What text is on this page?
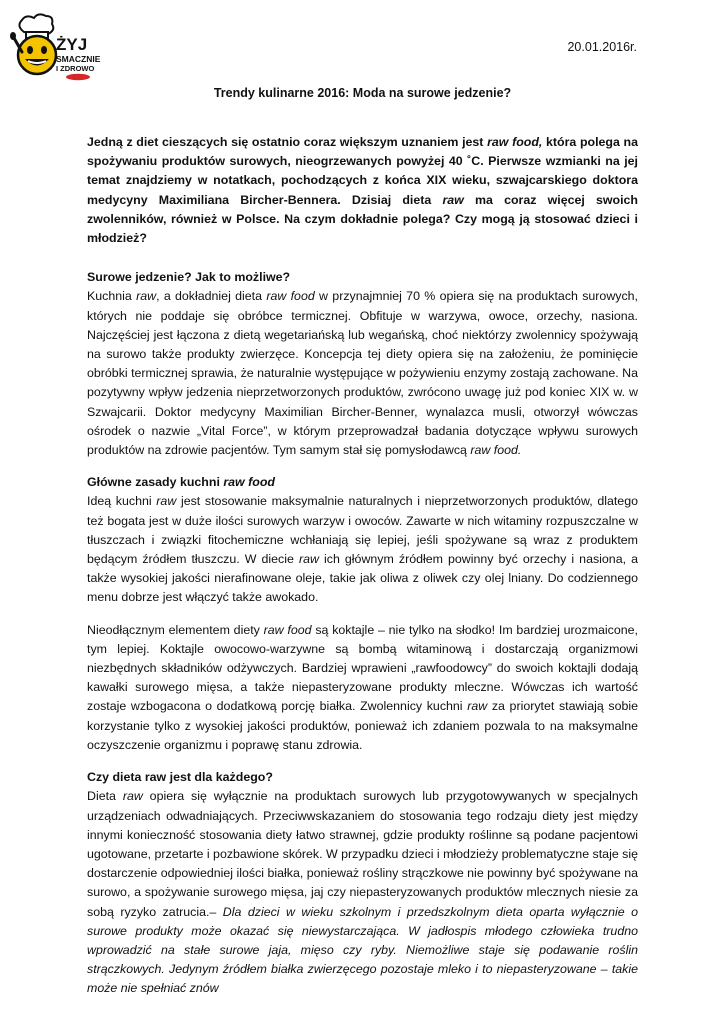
ŻYJ
SMACZNIE
I ZDROWO
20.01.2016r.
Trendy kulinarne 2016: Moda na surowe jedzenie?

Jedną z diet cieszących się ostatnio coraz większym uznaniem jest raw food, która polega na spożywaniu produktów surowych, nieogrzewanych powyżej 40 ˚C. Pierwsze wzmianki na jej temat znajdziemy w notatkach, pochodzących z końca XIX wieku, szwajcarskiego doktora medycyny Maximiliana Bircher-Bennera. Dzisiaj dieta raw ma coraz więcej swoich zwolenników, również w Polsce. Na czym dokładnie polega? Czy mogą ją stosować dzieci i młodzież?

Surowe jedzenie? Jak to możliwe?

Kuchnia raw, a dokładniej dieta raw food w przynajmniej 70 % opiera się na produktach surowych, których nie poddaje się obróbce termicznej. Obfituje w warzywa, owoce, orzechy, nasiona. Najczęściej jest łączona z dietą wegetariańską lub wegańską, choć niektórzy zwolennicy spożywają na surowo także produkty zwierzęce. Koncepcja tej diety opiera się na założeniu, że pominięcie obróbki termicznej sprawia, że naturalnie występujące w pożywieniu enzymy zostają zachowane. Na pozytywny wpływ jedzenia nieprzetworzonych produktów, zwrócono uwagę już pod koniec XIX w. w Szwajcarii. Doktor medycyny Maximilian Bircher-Benner, wynalazca musli, otworzył wówczas ośrodek o nazwie „Vital Force”, w którym przeprowadzał badania dotyczące wpływu surowych produktów na zdrowie pacjentów. Tym samym stał się pomysłodawcą raw food.

Główne zasady kuchni raw food

Ideą kuchni raw jest stosowanie maksymalnie naturalnych i nieprzetworzonych produktów, dlatego też bogata jest w duże ilości surowych warzyw i owoców. Zawarte w nich witaminy rozpuszczalne w tłuszczach i związki fitochemiczne wchłaniają się lepiej, jeśli spożywane są wraz z produktem będącym źródłem tłuszczu. W diecie raw ich głównym źródłem powinny być orzechy i nasiona, a także wysokiej jakości nierafinowane oleje, takie jak oliwa z oliwek czy olej lniany. Do codziennego menu dobrze jest włączyć także awokado.

Nieodłącznym elementem diety raw food są koktajle – nie tylko na słodko! Im bardziej urozmaicone, tym lepiej. Koktajle owocowo-warzywne są bombą witaminową i dostarczają organizmowi niezbędnych składników odżywczych. Bardziej wprawieni „rawfoodowcy” do swoich koktajli dodają kawałki surowego mięsa, a także niepasteryzowane produkty mleczne. Wówczas ich wartość zostaje wzbogacona o dodatkową porcję białka. Zwolennicy kuchni raw za priorytet stawiają sobie korzystanie tylko z wysokiej jakości produktów, ponieważ ich zdaniem pozwala to na maksymalne oczyszczenie organizmu i poprawę stanu zdrowia.

Czy dieta raw jest dla każdego?

Dieta raw opiera się wyłącznie na produktach surowych lub przygotowywanych w specjalnych urządzeniach odwadniających. Przeciwwskazaniem do stosowania tego rodzaju diety jest między innymi konieczność stosowania diety łatwo strawnej, gdzie produkty roślinne są podane pacjentowi ugotowane, przetarte i pozbawione skórek. W przypadku dzieci i młodzieży problematyczne staje się dostarczenie odpowiedniej ilości białka, ponieważ rośliny strączkowe nie powinny być spożywane na surowo, a spożywanie surowego mięsa, jaj czy niepasteryzowanych produktów mlecznych niesie za sobą ryzyko zatrucia.– Dla dzieci w wieku szkolnym i przedszkolnym dieta oparta wyłącznie o surowe produkty może okazać się niewystarczająca. W jadłospis młodego człowieka trudno wprowadzić na stałe surowe jaja, mięso czy ryby. Niemożliwe staje się podawanie roślin strączkowych. Jedynym źródłem białka zwierzęcego pozostaje mleko i to niepasteryzowane – takie może nie spełniać znów
